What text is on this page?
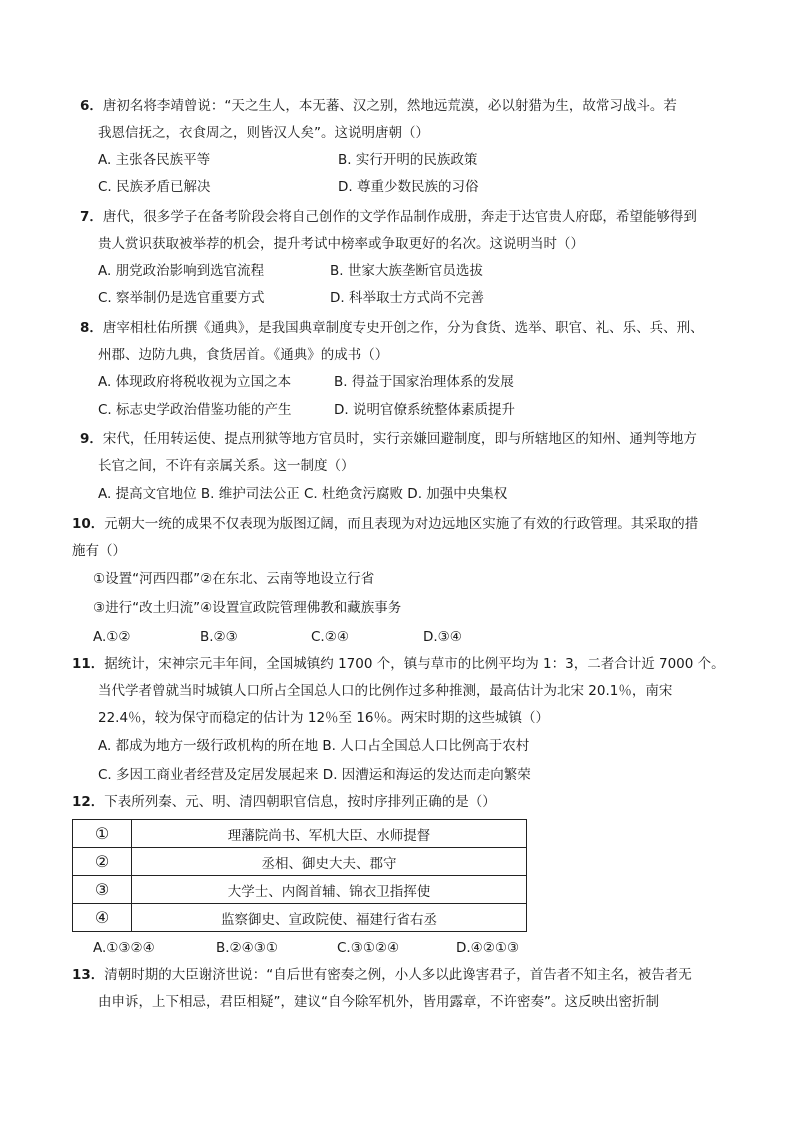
6．唐初名将李靖曾说：“天之生人，本无蕃、汉之别，然地远荒漠，必以射猎为生，故常习战斗。若
我恩信抚之，衣食周之，则皆汉人矣”。这说明唐朝（）
A. 主张各民族平等	B. 实行开明的民族政策
C. 民族矛盾已解决	D. 尊重少数民族的习俗
7．唐代，很多学子在备考阶段会将自己创作的文学作品制作成册，奔走于达官贵人府邸，希望能够得到
贵人赏识获取被举荐的机会，提升考试中榜率或争取更好的名次。这说明当时（）
A. 朋党政治影响到选官流程	B. 世家大族垄断官员选拔
C. 察举制仍是选官重要方式	D. 科举取士方式尚不完善
8．唐宰相杜佑所撰《通典》，是我国典章制度专史开创之作，分为食货、选举、职官、礼、乐、兵、刑、
州郡、边防九典，食货居首。《通典》的成书（）
A. 体现政府将税收视为立国之本	B. 得益于国家治理体系的发展
C. 标志史学政治借鉴功能的产生	D. 说明官僚系统整体素质提升
9．宋代，任用转运使、提点刑狱等地方官员时，实行亲嫌回避制度，即与所辖地区的知州、通判等地方
长官之间，不许有亲属关系。这一制度（）
A. 提高文官地位 B. 维护司法公正 C. 杜绝贪污腐败 D. 加强中央集权
10．元朝大一统的成果不仅表现为版图辽阔，而且表现为对边远地区实施了有效的行政管理。其采取的措
施有（）
①设置“河西四郡”②在东北、云南等地设立行省
③进行“改土归流”④设置宣政院管理佛教和藏族事务
A.①②	B.②③	C.②④	D.③④
11．据统计，宋神宗元丰年间，全国城镇约 1700 个，镇与草市的比例平均为 1：3，二者合计近 7000 个。
当代学者曾就当时城镇人口所占全国总人口的比例作过多种推测，最高估计为北宋 20.1％，南宋
22.4％，较为保守而稳定的估计为 12％至 16％。两宋时期的这些城镇（）
A. 都成为地方一级行政机构的所在地 B. 人口占全国总人口比例高于农村
C. 多因工商业者经营及定居发展起来 D. 因漕运和海运的发达而走向繁荣
12．下表所列秦、元、明、清四朝职官信息，按时序排列正确的是（）
①	理藩院尚书、军机大臣、水师提督
②	丞相、御史大夫、郡守
③	大学士、内阁首辅、锦衣卫指挥使
④	监察御史、宣政院使、福建行省右丞
A.①③②④	B.②④③①	C.③①②④	D.④②①③
13．清朝时期的大臣谢济世说：“自后世有密奏之例，小人多以此谗害君子，首告者不知主名，被告者无
由申诉，上下相忌，君臣相疑”，建议“自今除军机外，皆用露章，不许密奏”。这反映出密折制
